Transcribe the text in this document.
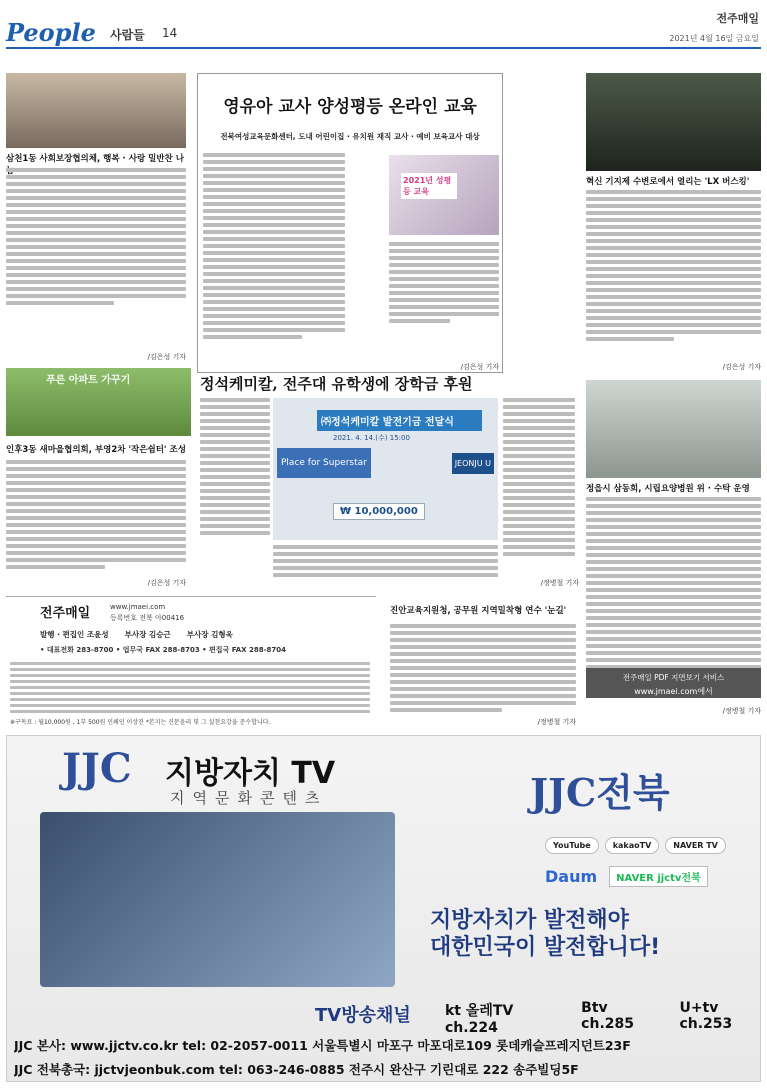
People 사람들 14
전주매일
2021년 4월 16일 금요일
삼천1동 사회보장협의체, 행복 · 사랑 밀반찬 나
/김은성 기자
영유아 교사 양성평등 온라인 교육
전북여성교육문화센터, 도내 어린이집 · 유치원 재직 교사 · 예비 보육교사 대상
2021년 성평등 교육
/김은성 기자
혁신 기지제 수변로에서 열리는 'LX 버스킹'
/김은성 기자
푸른 아파트 가꾸기
인후3동 새마을협의회, 부영2차 '작은쉼터' 조성
/김은성 기자
정석케미칼, 전주대 유학생에 장학금 후원
㈜정석케미칼 발전기금 전달식
2021. 4. 14.(수) 15:00
Place for Superstar	JEONJU U
₩ 10,000,000
/정병철 기자
정읍시 삼동회, 시립요양병원 위 · 수탁 운영
/정병철 기자
전주매일 PDF 지면보기 서비스
www.jmaei.com에서
전주매일	www.jmaei.com
등록번호 전북 아00416
발행 · 편집인 조윤성 부사장 김승근 부사장 김형욱
• 대표전화 283-8700 • 업무국 FAX 288-8703 • 편집국 FAX 288-8704
※구독료 : 월10,000원 , 1부 500원 인쇄인 이상진 *본지는 신문윤리 및 그 실천요강을 준수합니다.
진안교육지원청, 공무원 지역밀착형 연수 '눈길'
/정병철 기자
JJC 지방자치 TV
지역문화콘텐츠	JJC전북
YouTube	kakaoTV	NAVER TV
Daum	NAVER jjctv전북
지방자치가 발전해야
대한민국이 발전합니다!
TV방송채널 kt 올레TV ch.224
Btv ch.285
U+tv ch.253
JJC 본사: www.jjctv.co.kr tel: 02-2057-0011 서울특별시 마포구 마포대로109 롯데캐슬프레지던트23F
JJC 전북총국: jjctvjeonbuk.com tel: 063-246-0885 전주시 완산구 기린대로 222 송주빌딩5F
